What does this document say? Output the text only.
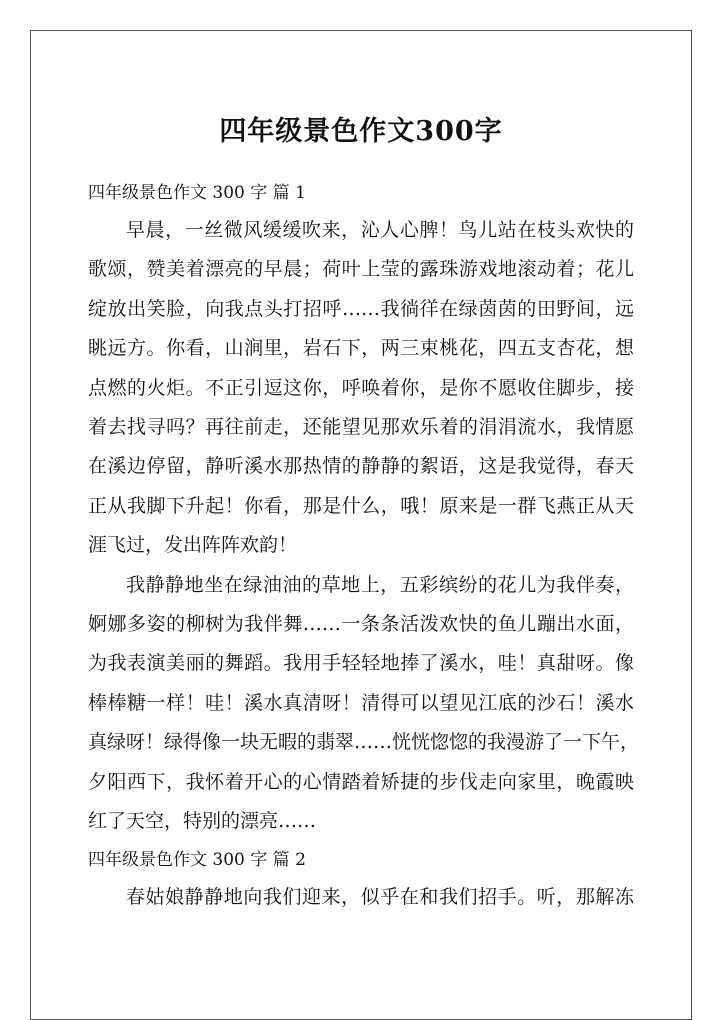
四年级景色作文300字
四年级景色作文 300 字 篇 1

早晨，一丝微风缓缓吹来，沁人心脾！鸟儿站在枝头欢快的
歌颂，赞美着漂亮的早晨；荷叶上莹的露珠游戏地滚动着；花儿
绽放出笑脸，向我点头打招呼……我徜徉在绿茵茵的田野间，远
眺远方。你看，山涧里，岩石下，两三束桃花，四五支杏花，想
点燃的火炬。不正引逗这你，呼唤着你，是你不愿收住脚步，接
着去找寻吗？再往前走，还能望见那欢乐着的涓涓流水，我情愿
在溪边停留，静听溪水那热情的静静的絮语，这是我觉得，春天
正从我脚下升起！你看，那是什么，哦！原来是一群飞燕正从天
涯飞过，发出阵阵欢韵！

我静静地坐在绿油油的草地上，五彩缤纷的花儿为我伴奏，
婀娜多姿的柳树为我伴舞……一条条活泼欢快的鱼儿蹦出水面，
为我表演美丽的舞蹈。我用手轻轻地捧了溪水，哇！真甜呀。像
棒棒糖一样！哇！溪水真清呀！清得可以望见江底的沙石！溪水
真绿呀！绿得像一块无暇的翡翠……恍恍惚惚的我漫游了一下午，
夕阳西下，我怀着开心的心情踏着矫捷的步伐走向家里，晚霞映
红了天空，特别的漂亮……

四年级景色作文 300 字 篇 2

春姑娘静静地向我们迎来，似乎在和我们招手。听，那解冻
